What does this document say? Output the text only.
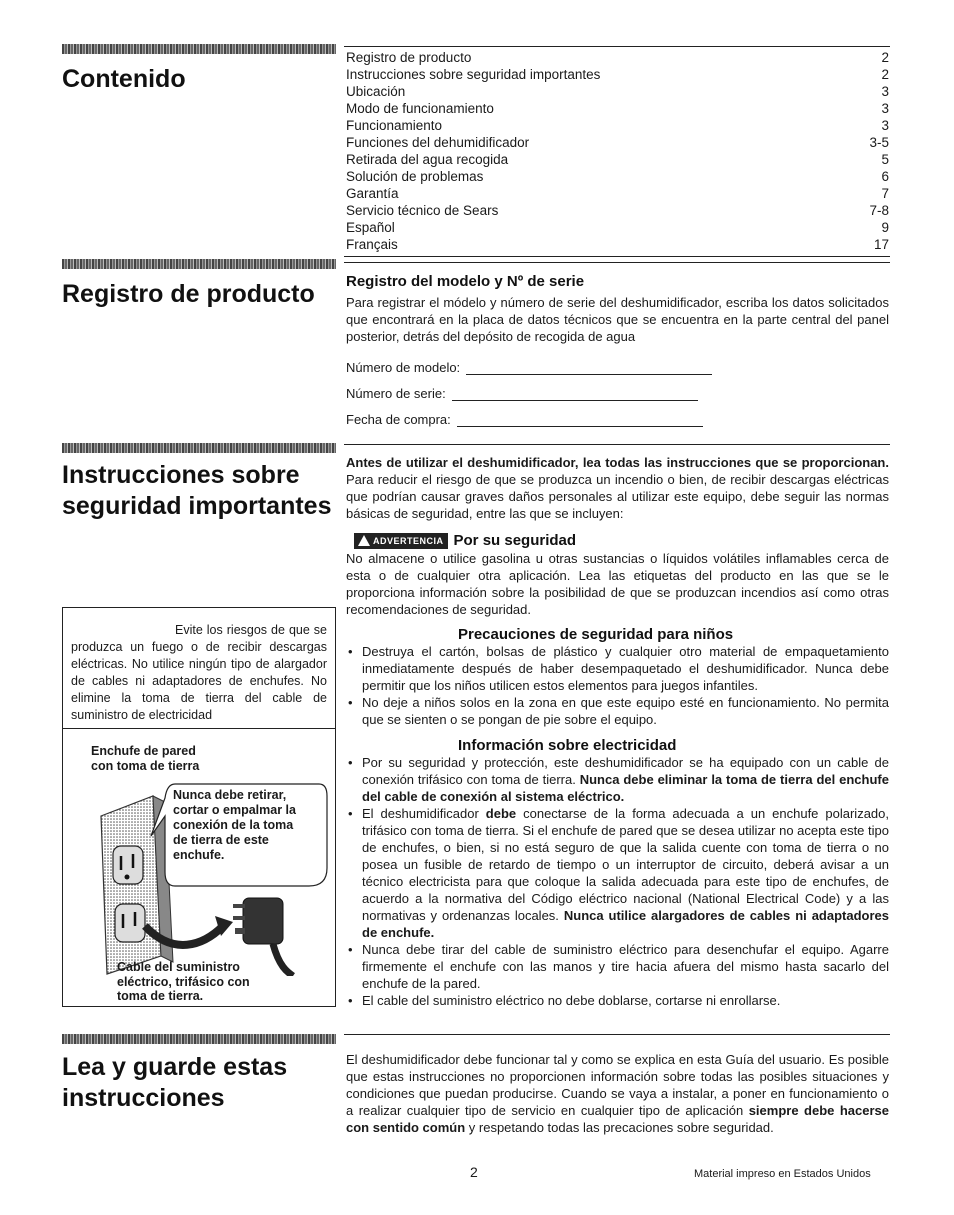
Contenido
Registro de producto	2
Instrucciones sobre seguridad importantes	2
Ubicación	3
Modo de funcionamiento	3
Funcionamiento	3
Funciones del dehumidificador	3-5
Retirada del agua recogida	5
Solución de problemas	6
Garantía	7
Servicio técnico de Sears	7-8
Español	9
Français	17
Registro de producto Registro del modelo y Nº de serie
Para registrar el módelo y número de serie del deshumidificador, escriba los datos solicitados que encontrará en la placa de datos técnicos que se encuentra en la parte central del panel posterior, detrás del depósito de recogida de agua
Número de modelo:
Número de serie:
Fecha de compra:
Instrucciones sobre
seguridad importantes
Antes de utilizar el deshumidificador, lea todas las instrucciones que se proporcionan. Para reducir el riesgo de que se produzca un incendio o bien, de recibir descargas eléctricas que podrían causar graves daños personales al utilizar este equipo, debe seguir las normas básicas de seguridad, entre las que se incluyen:
ADVERTENCIA Por su seguridad
No almacene o utilice gasolina u otras sustancias o líquidos volátiles inflamables cerca de esta o de cualquier otra aplicación. Lea las etiquetas del producto en las que se le proporciona información sobre la posibilidad de que se produzcan incendios así como otras recomendaciones de seguridad.
Precauciones de seguridad para niños
• Destruya el cartón, bolsas de plástico y cualquier otro material de empaquetamiento inmediatamente después de haber desempaquetado el deshumidificador. Nunca debe permitir que los niños utilicen estos elementos para juegos infantiles.
• No deje a niños solos en la zona en que este equipo esté en funcionamiento. No permita que se sienten o se pongan de pie sobre el equipo.
Información sobre electricidad
• Por su seguridad y protección, este deshumidificador se ha equipado con un cable de conexión trifásico con toma de tierra. Nunca debe eliminar la toma de tierra del enchufe del cable de conexión al sistema eléctrico.
• El deshumidificador debe conectarse de la forma adecuada a un enchufe polarizado, trifásico con toma de tierra. Si el enchufe de pared que se desea utilizar no acepta este tipo de enchufes, o bien, si no está seguro de que la salida cuente con toma de tierra o no posea un fusible de retardo de tiempo o un interruptor de circuito, deberá avisar a un técnico electricista para que coloque la salida adecuada para este tipo de enchufes, de acuerdo a la normativa del Código eléctrico nacional (National Electrical Code) y a las normativas y ordenanzas locales. Nunca utilice alargadores de cables ni adaptadores de enchufe.
• Nunca debe tirar del cable de suministro eléctrico para desenchufar el equipo. Agarre firmemente el enchufe con las manos y tire hacia afuera del mismo hasta sacarlo del enchufe de la pared.
• El cable del suministro eléctrico no debe doblarse, cortarse ni enrollarse.
Evite los riesgos de que se produzca un fuego o de recibir descargas eléctricas. No utilice ningún tipo de alargador de cables ni adaptadores de enchufes. No elimine la toma de tierra del cable de suministro de electricidad
Enchufe de pared
con toma de tierra
Nunca debe retirar,
cortar o empalmar la
conexión de la toma
de tierra de este
enchufe.
Cable del suministro
eléctrico, trifásico con
toma de tierra.
Lea y guarde estas
instrucciones
El deshumidificador debe funcionar tal y como se explica en esta Guía del usuario. Es posible que estas instrucciones no proporcionen información sobre todas las posibles situaciones y condiciones que puedan producirse. Cuando se vaya a instalar, a poner en funcionamiento o a realizar cualquier tipo de servicio en cualquier tipo de aplicación siempre debe hacerse con sentido común y respetando todas las precaciones sobre seguridad.
2	Material impreso en Estados Unidos
